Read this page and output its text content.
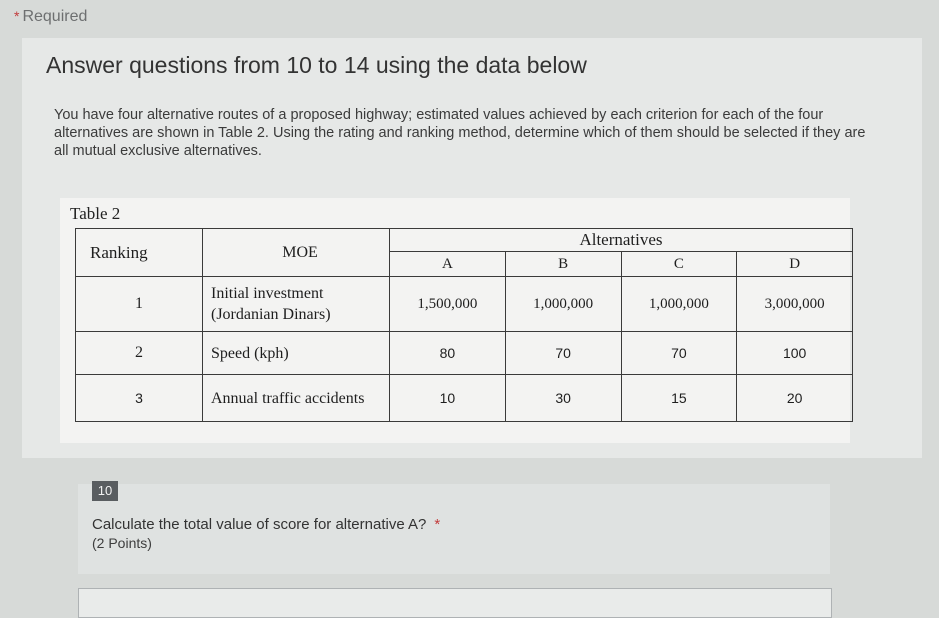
* Required
Answer questions from 10 to 14 using the data below
You have four alternative routes of a proposed highway; estimated values achieved by each criterion for each of the four alternatives are shown in Table 2. Using the rating and ranking method, determine which of them should be selected if they are all mutual exclusive alternatives.
Table 2
Ranking	MOE	Alternatives			
		A	B	C	D
1	Initial investment (Jordanian Dinars)	1,500,000	1,000,000	1,000,000	3,000,000
2	Speed (kph)	80	70	70	100
3	Annual traffic accidents	10	30	15	20
10
Calculate the total value of score for alternative A? *
(2 Points)
